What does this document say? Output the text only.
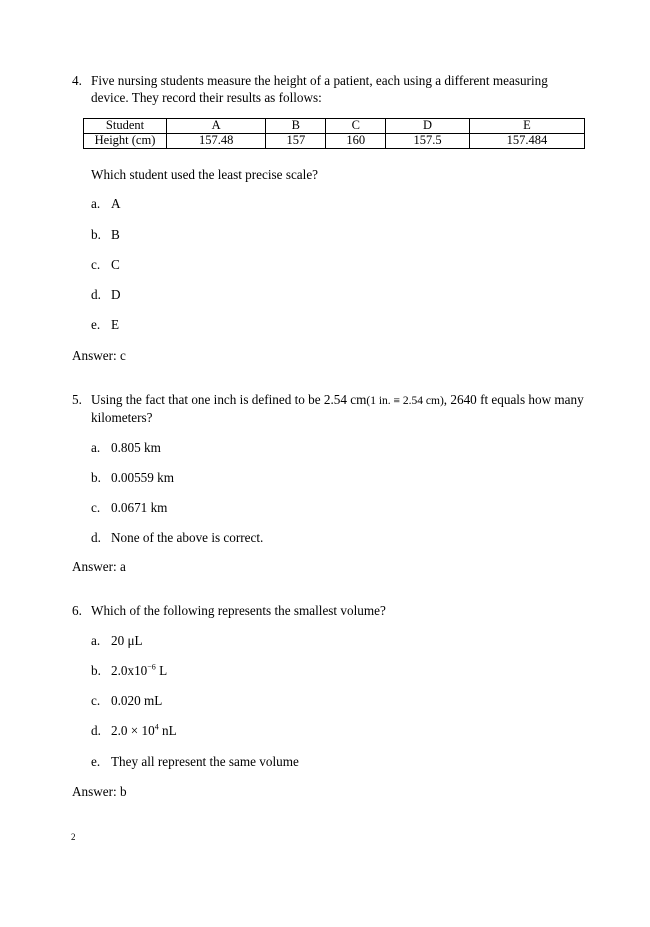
4. Five nursing students measure the height of a patient, each using a different measuring device. They record their results as follows:
Student	A	B	C	D	E
Height (cm)	157.48	157	160	157.5	157.484
Which student used the least precise scale?
a. A
b. B
c. C
d. D
e. E
Answer: c
5. Using the fact that one inch is defined to be 2.54 cm(1 in. ≡ 2.54 cm), 2640 ft equals how many kilometers?
a. 0.805 km
b. 0.00559 km
c. 0.0671 km
d. None of the above is correct.
Answer: a
6. Which of the following represents the smallest volume?
a. 20 μL
b. $2.0x10^{-6}$ L
c. 0.020 mL
d. $2.0 \times 10^4$ nL
e. They all represent the same volume
Answer: b
2
